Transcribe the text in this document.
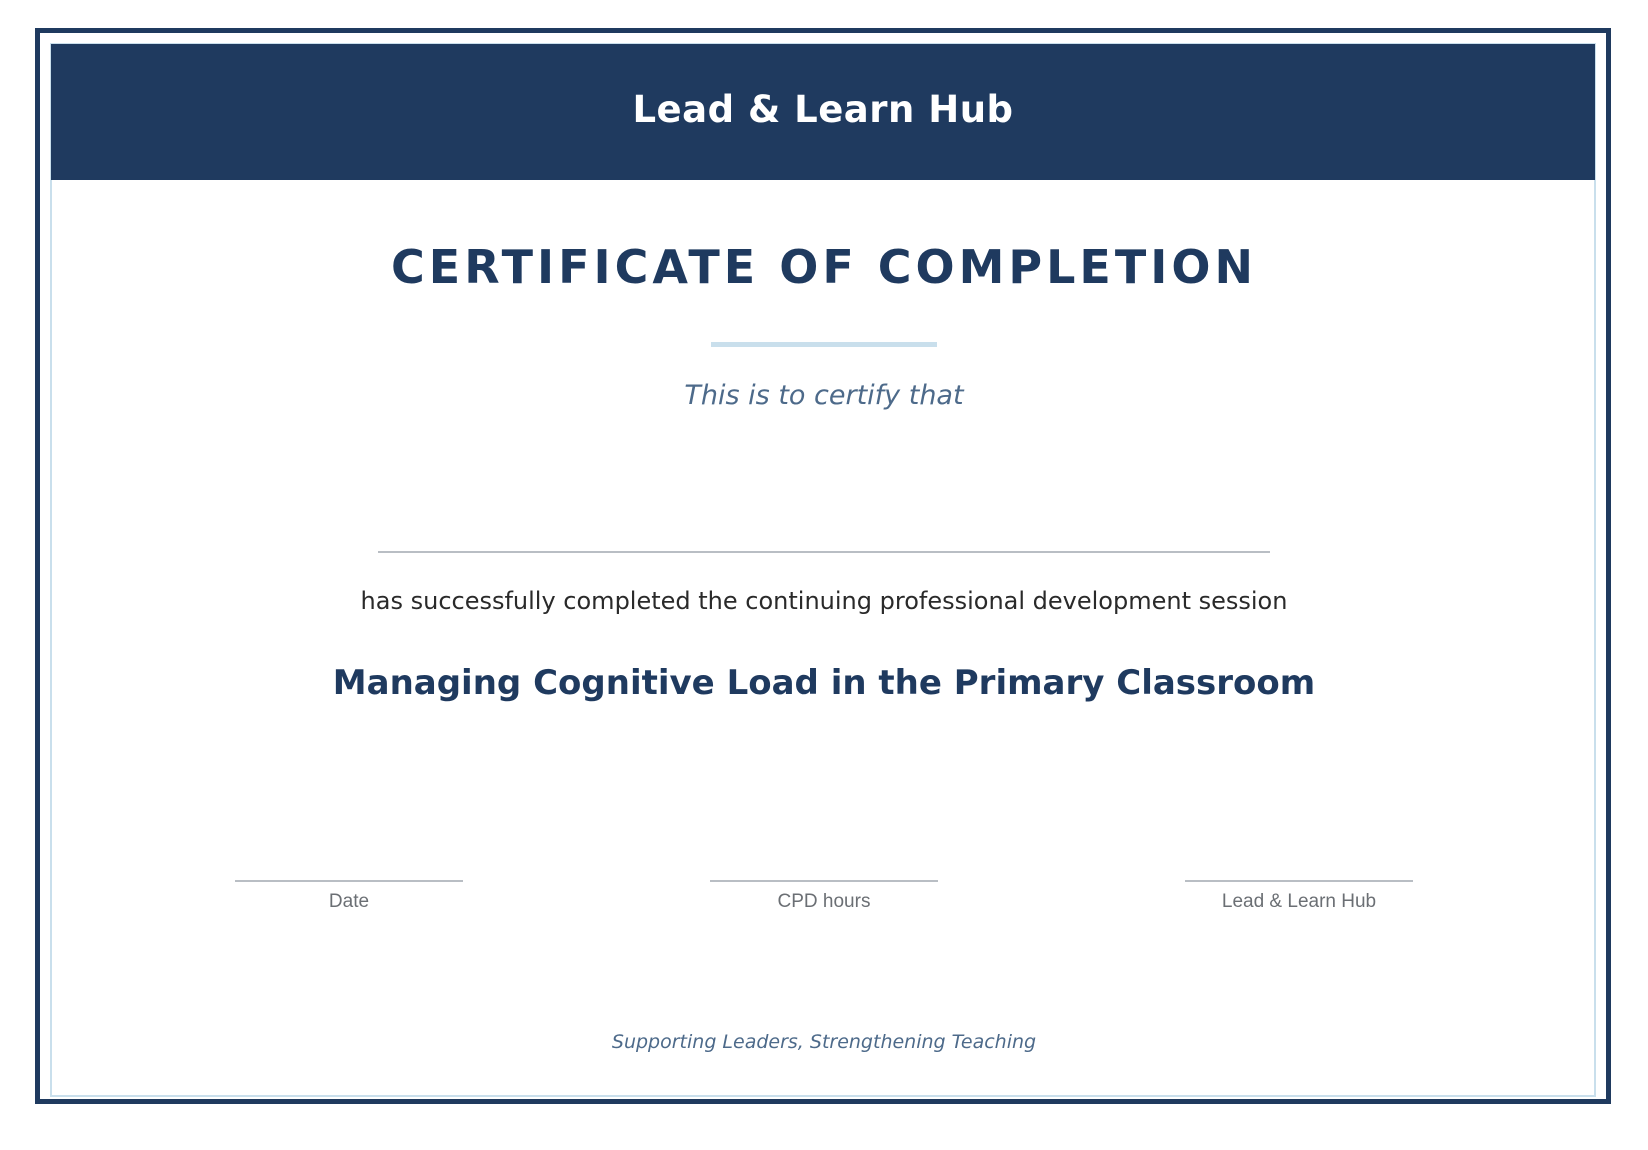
Lead & Learn Hub
CERTIFICATE OF COMPLETION
This is to certify that
has successfully completed the continuing professional development session
Managing Cognitive Load in the Primary Classroom
Date	CPD hours	Lead & Learn Hub
Supporting Leaders, Strengthening Teaching
